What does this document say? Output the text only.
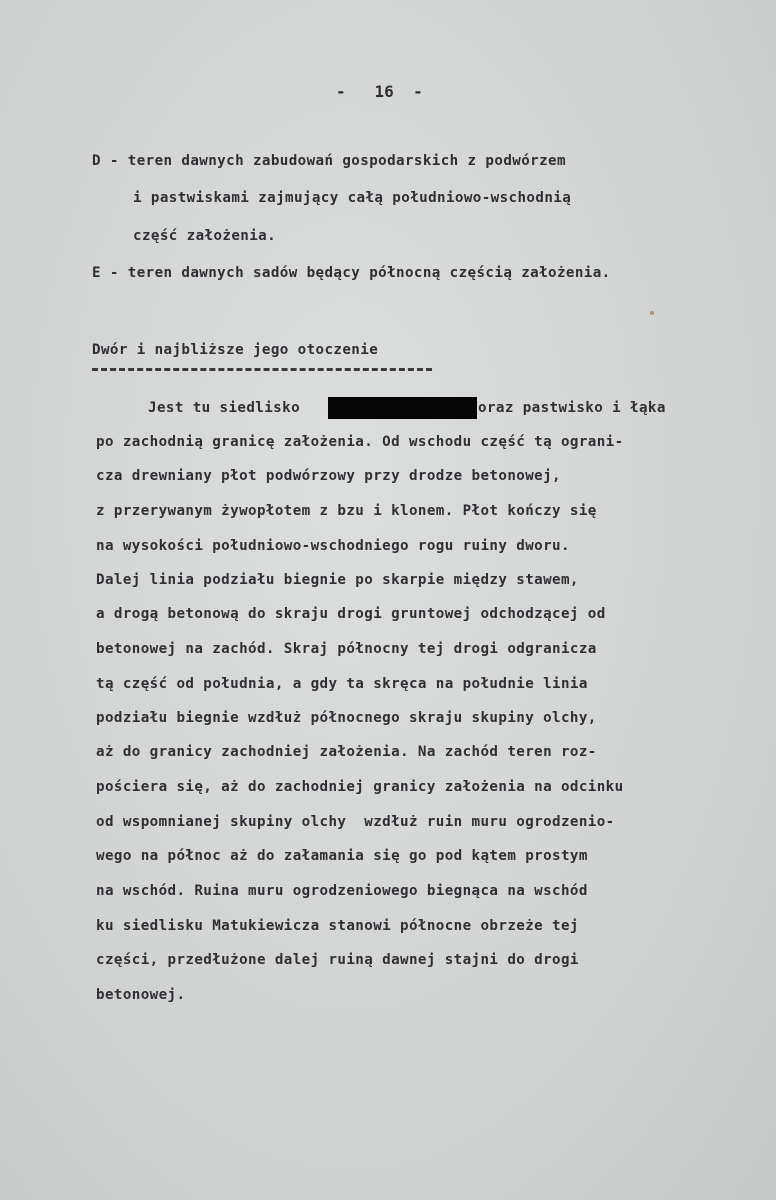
-   16  -
D - teren dawnych zabudowań gospodarskich z podwórzem
i pastwiskami zajmujący całą południowo-wschodnią
część założenia.
E - teren dawnych sadów będący północną częścią założenia.
Dwór i najbliższe jego otoczenie
Jest tu siedlisko	oraz pastwisko i łąka
po zachodnią granicę założenia. Od wschodu część tą ograni-
cza drewniany płot podwórzowy przy drodze betonowej,
z przerywanym żywopłotem z bzu i klonem. Płot kończy się
na wysokości południowo-wschodniego rogu ruiny dworu.
Dalej linia podziału biegnie po skarpie między stawem,
a drogą betonową do skraju drogi gruntowej odchodzącej od
betonowej na zachód. Skraj północny tej drogi odgranicza
tą część od południa, a gdy ta skręca na południe linia
podziału biegnie wzdłuż północnego skraju skupiny olchy,
aż do granicy zachodniej założenia. Na zachód teren roz-
pościera się, aż do zachodniej granicy założenia na odcinku
od wspomnianej skupiny olchy  wzdłuż ruin muru ogrodzenio-
wego na północ aż do załamania się go pod kątem prostym
na wschód. Ruina muru ogrodzeniowego biegnąca na wschód
ku siedlisku Matukiewicza stanowi północne obrzeże tej
części, przedłużone dalej ruiną dawnej stajni do drogi
betonowej.
